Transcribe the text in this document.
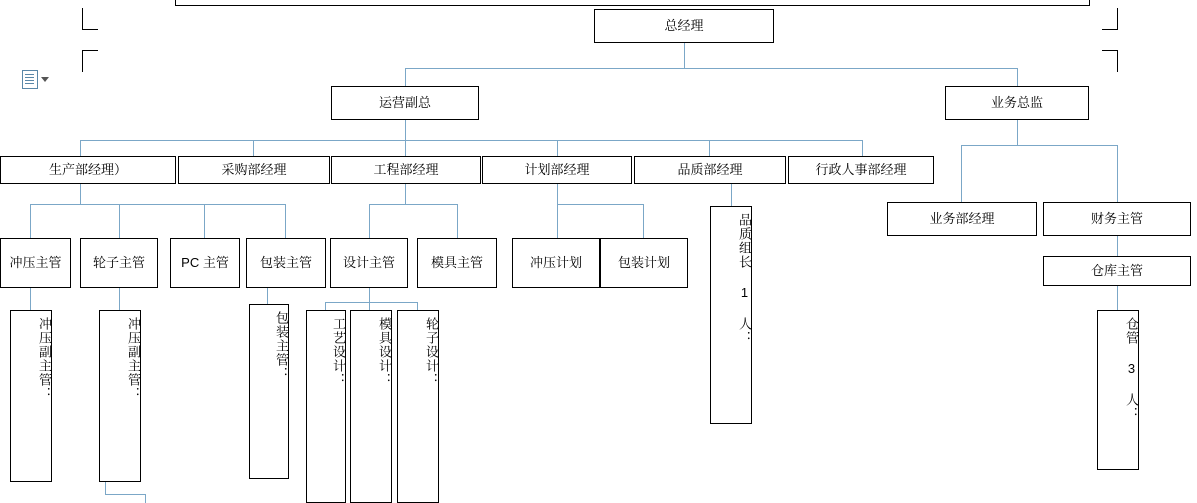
总经理
运营副总	业务总监
生产部经理）	采购部经理	工程部经理	计划部经理	品质部经理	行政人事部经理
业务部经理	财务主管
仓库主管
冲压主管	轮子主管	PC 主管	包装主管	设计主管	模具主管	冲压计划	包装计划	品质组长 1 人：
冲压副主管：	冲压副主管：	包装主管：	工艺设计：	模具设计：	轮子设计：	仓管 3 人：
